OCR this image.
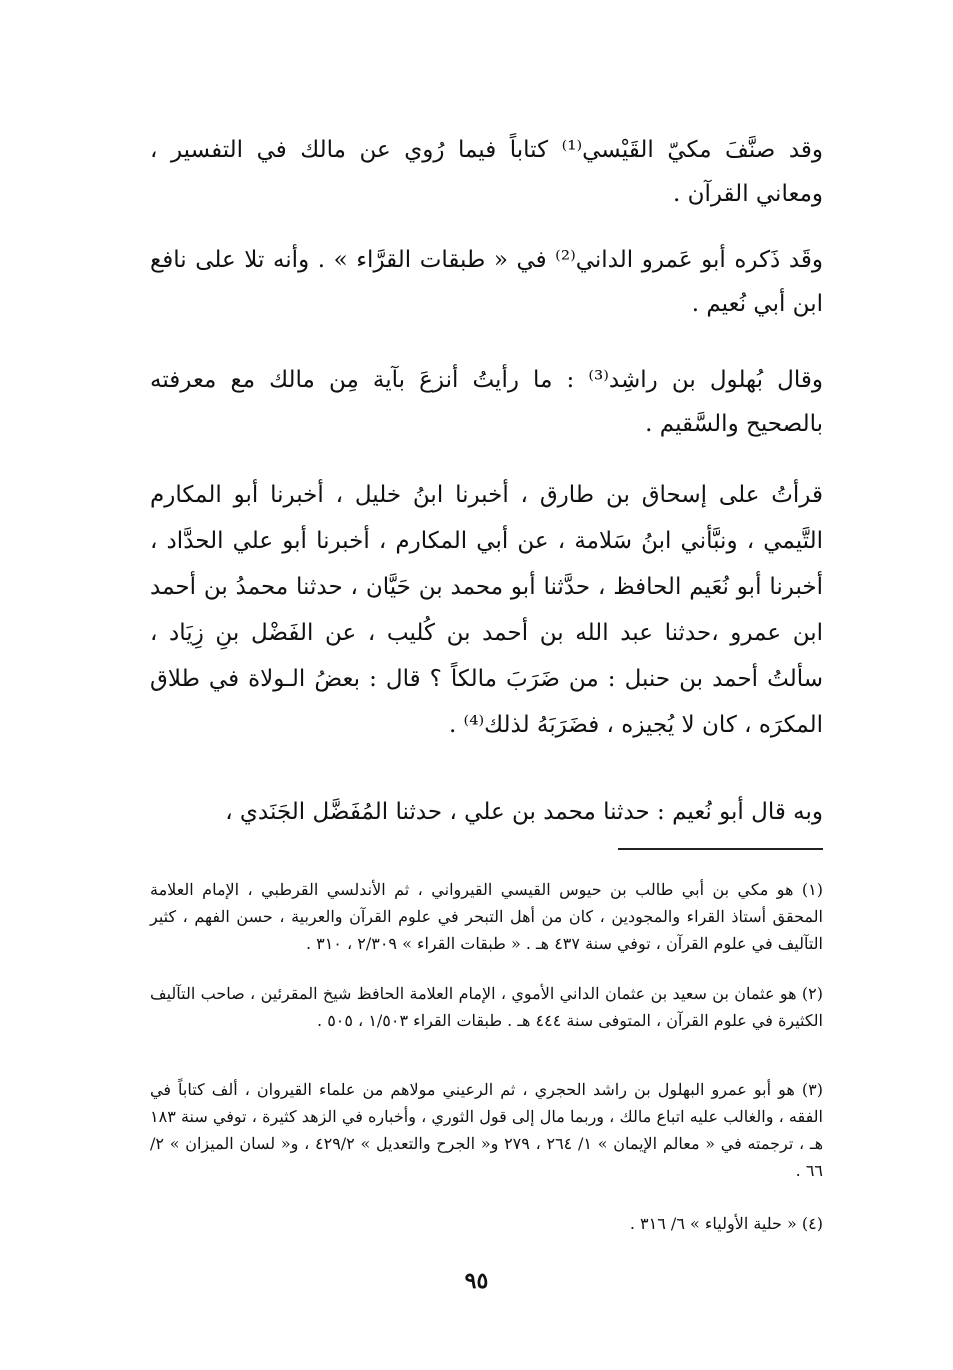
وقد صنَّفَ مكيّ القَيْسي⁽¹⁾ كتاباً فيما رُوي عن مالك في التفسير ، ومعاني القرآن .

وقَد ذَكره أبو عَمرو الداني⁽²⁾ في « طبقات القرَّاء » . وأنه تلا على نافع ابن أبي نُعيم .

وقال بُهلول بن راشِد⁽³⁾ : ما رأيتُ أنزعَ بآية مِن مالك مع معرفته بالصحيح والسَّقيم .

قرأتُ على إسحاق بن طارق ، أخبرنا ابنُ خليل ، أخبرنا أبو المكارم التَّيمي ، ونبَّأني ابنُ سَلامة ، عن أبي المكارم ، أخبرنا أبو علي الحدَّاد ، أخبرنا أبو نُعَيم الحافظ ، حدَّثنا أبو محمد بن حَيَّان ، حدثنا محمدُ بن أحمد ابن عمرو ،حدثنا عبد الله بن أحمد بن كُليب ، عن الفَضْل بنِ زِيَاد ، سألتُ أحمد بن حنبل : من ضَرَبَ مالكاً ؟ قال : بعضُ الـولاة في طلاق المكرَه ، كان لا يُجيزه ، فضَرَبَهُ لذلك⁽⁴⁾ .

وبه قال أبو نُعيم : حدثنا محمد بن علي ، حدثنا المُفَضَّل الجَنَدي ،

(١) هو مكي بن أبي طالب بن حيوس القيسي القيرواني ، ثم الأندلسي القرطبي ، الإمام العلامة المحقق أستاذ القراء والمجودين ، كان من أهل التبحر في علوم القرآن والعربية ، حسن الفهم ، كثير التآليف في علوم القرآن ، توفي سنة ٤٣٧ هـ . « طبقات القراء » ٢/٣٠٩ ، ٣١٠ .

(٢) هو عثمان بن سعيد بن عثمان الداني الأموي ، الإمام العلامة الحافظ شيخ المقرئين ، صاحب التآليف الكثيرة في علوم القرآن ، المتوفى سنة ٤٤٤ هـ . طبقات القراء ١/٥٠٣ ، ٥٠٥ .

(٣) هو أبو عمرو البهلول بن راشد الحجري ، ثم الرعيني مولاهم من علماء القيروان ، ألف كتاباً في الفقه ، والغالب عليه اتباع مالك ، وربما مال إلى قول الثوري ، وأخباره في الزهد كثيرة ، توفي سنة ١٨٣ هـ ، ترجمته في « معالم الإيمان » ١/ ٢٦٤ ، ٢٧٩ و« الجرح والتعديل » ٤٢٩/٢ ، و« لسان الميزان » ٢/ ٦٦ .

(٤) « حلية الأولياء » ٦/ ٣١٦ .

٩٥
